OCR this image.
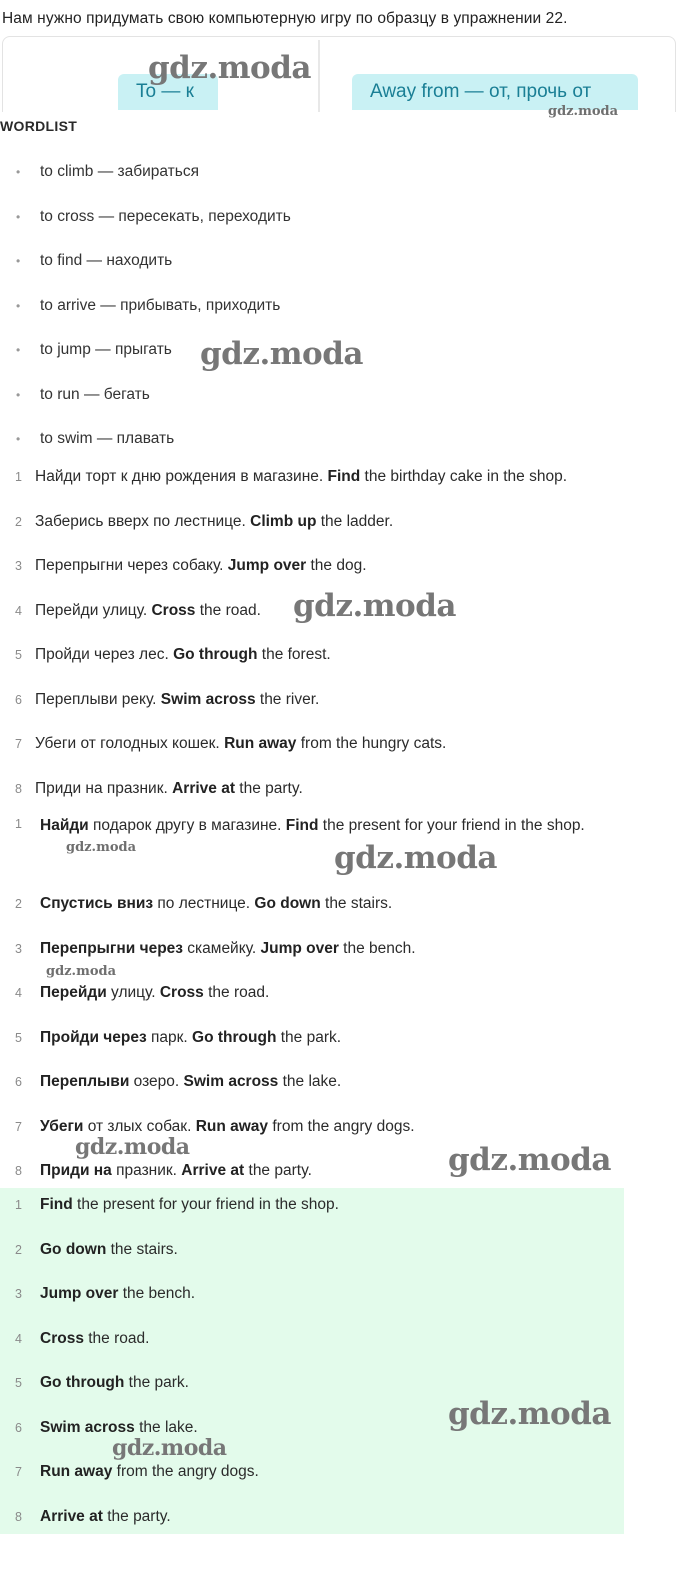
Нам нужно придумать свою компьютерную игру по образцу в упражнении 22.
To — к	Away from — от, прочь от
WORDLIST
•	to climb — забираться
•	to cross — пересекать, переходить
•	to find — находить
•	to arrive — прибывать, приходить
•	to jump — прыгать
•	to run — бегать
•	to swim — плавать
1 Найди торт к дню рождения в магазине. Find the birthday cake in the shop.
2 Заберись вверх по лестнице. Climb up the ladder.
3 Перепрыгни через собаку. Jump over the dog.
4 Перейди улицу. Cross the road.
5 Пройди через лес. Go through the forest.
6 Переплыви реку. Swim across the river.
7 Убеги от голодных кошек. Run away from the hungry cats.
8 Приди на празник. Arrive at the party.
1	Найди подарок другу в магазине. Find the present for your friend in the shop.
2	Спустись вниз по лестнице. Go down the stairs.
3	Перепрыгни через скамейку. Jump over the bench.
4	Перейди улицу. Cross the road.
5	Пройди через парк. Go through the park.
6	Переплыви озеро. Swim across the lake.
7	Убеги от злых собак. Run away from the angry dogs.
8	Приди на празник. Arrive at the party.
1	Find the present for your friend in the shop.
2	Go down the stairs.
3	Jump over the bench.
4	Cross the road.
5	Go through the park.
6	Swim across the lake.
7	Run away from the angry dogs.
8	Arrive at the party.
gdz.moda
gdz.moda
gdz.moda
gdz.moda
gdz.moda	gdz.moda
gdz.moda
gdz.moda	gdz.moda
gdz.moda
gdz.moda
